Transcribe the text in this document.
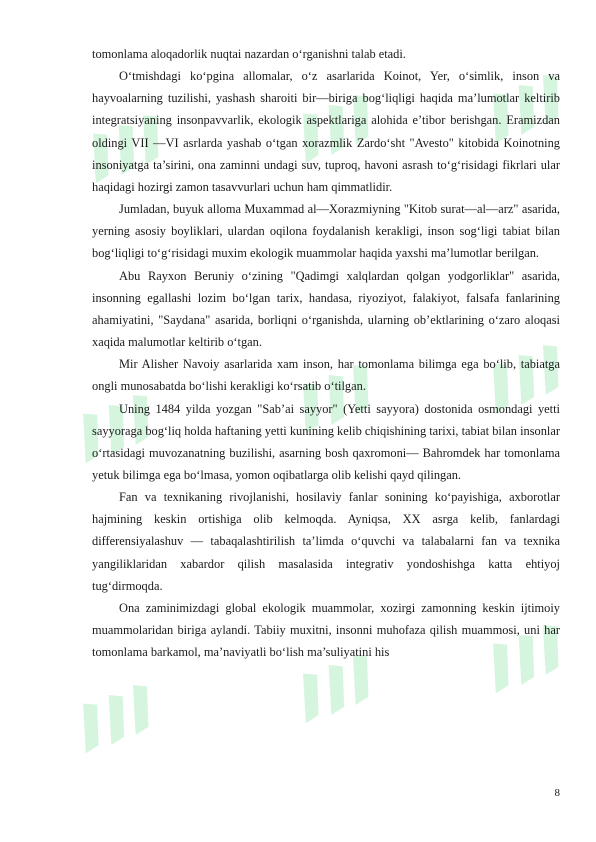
tomonlama aloqadorlik nuqtai nazardan o‘rganishni talab etadi.

O‘tmishdagi ko‘pgina allomalar, o‘z asarlarida Koinot, Yer, o‘simlik, inson va hayvoalarning tuzilishi, yashash sharoiti bir—biriga bog‘liqligi haqida ma’lumotlar keltirib integratsiyaning insonpavvarlik, ekologik aspektlariga alohida e’tibor berishgan. Eramizdan oldingi VII —VI asrlarda yashab o‘tgan xorazmlik Zardo‘sht "Avesto" kitobida Koinotning insoniyatga ta’sirini, ona zaminni undagi suv, tuproq, havoni asrash to‘g‘risidagi fikrlari ular haqidagi hozirgi zamon tasavvurlari uchun ham qimmatlidir.

Jumladan, buyuk alloma Muxammad al—Xorazmiyning "Kitob surat—al—arz" asarida, yerning asosiy boyliklari, ulardan oqilona foydalanish kerakligi, inson sog‘ligi tabiat bilan bog‘liqligi to‘g‘risidagi muxim ekologik muammolar haqida yaxshi ma’lumotlar berilgan.

Abu Rayxon Beruniy o‘zining "Qadimgi xalqlardan qolgan yodgorliklar" asarida, insonning egallashi lozim bo‘lgan tarix, handasa, riyoziyot, falakiyot, falsafa fanlarining ahamiyatini, "Saydana" asarida, borliqni o‘rganishda, ularning ob’ektlarining o‘zaro aloqasi xaqida malumotlar keltirib o‘tgan.

Mir Alisher Navoiy asarlarida xam inson, har tomonlama bilimga ega bo‘lib, tabiatga ongli munosabatda bo‘lishi kerakligi ko‘rsatib o‘tilgan.

Uning 1484 yilda yozgan "Sab’ai sayyor" (Yetti sayyora) dostonida osmondagi yetti sayyoraga bog‘liq holda haftaning yetti kunining kelib chiqishining tarixi, tabiat bilan insonlar o‘rtasidagi muvozanatning buzilishi, asarning bosh qaxromoni— Bahromdek har tomonlama yetuk bilimga ega bo‘lmasa, yomon oqibatlarga olib kelishi qayd qilingan.

Fan va texnikaning rivojlanishi, hosilaviy fanlar sonining ko‘payishiga, axborotlar hajmining keskin ortishiga olib kelmoqda. Ayniqsa, XX asrga kelib, fanlardagi differensiyalashuv — tabaqalashtirilish ta’limda o‘quvchi va talabalarni fan va texnika yangiliklaridan xabardor qilish masalasida integrativ yondoshishga katta ehtiyoj tug‘dirmoqda.

Ona zaminimizdagi global ekologik muammolar, xozirgi zamonning keskin ijtimoiy muammolaridan biriga aylandi. Tabiiy muxitni, insonni muhofaza qilish muammosi, uni har tomonlama barkamol, ma’naviyatli bo‘lish ma’suliyatini his

8
